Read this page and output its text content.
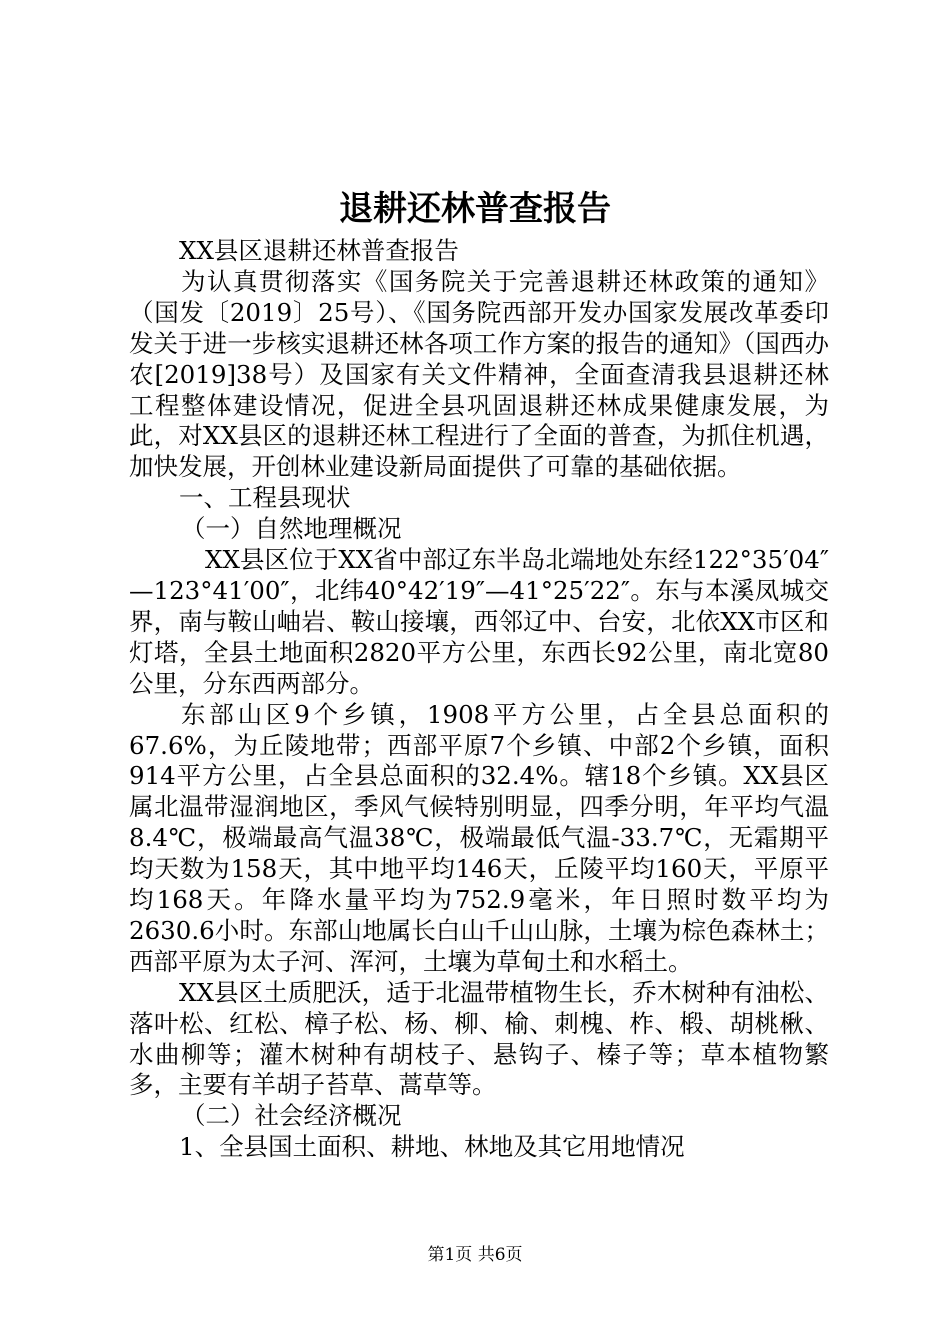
退耕还林普查报告

XX县区退耕还林普查报告

为认真贯彻落实《国务院关于完善退耕还林政策的通知》（国发〔2019〕25号）、《国务院西部开发办国家发展改革委印发关于进一步核实退耕还林各项工作方案的报告的通知》（国西办农[2019]38号）及国家有关文件精神，全面查清我县退耕还林工程整体建设情况，促进全县巩固退耕还林成果健康发展，为此，对XX县区的退耕还林工程进行了全面的普查，为抓住机遇，加快发展，开创林业建设新局面提供了可靠的基础依据。

一、工程县现状

（一）自然地理概况

XX县区位于XX省中部辽东半岛北端地处东经122°35′04″—123°41′00″，北纬40°42′19″—41°25′22″。东与本溪凤城交界，南与鞍山岫岩、鞍山接壤，西邻辽中、台安，北依XX市区和灯塔，全县土地面积2820平方公里，东西长92公里，南北宽80公里，分东西两部分。

东部山区9个乡镇，1908平方公里，占全县总面积的67.6%，为丘陵地带；西部平原7个乡镇、中部2个乡镇，面积914平方公里，占全县总面积的32.4%。辖18个乡镇。XX县区属北温带湿润地区，季风气候特别明显，四季分明，年平均气温8.4℃，极端最高气温38℃，极端最低气温-33.7℃，无霜期平均天数为158天，其中地平均146天，丘陵平均160天，平原平均168天。年降水量平均为752.9毫米，年日照时数平均为2630.6小时。东部山地属长白山千山山脉，土壤为棕色森林土；西部平原为太子河、浑河，土壤为草甸土和水稻土。

XX县区土质肥沃，适于北温带植物生长，乔木树种有油松、落叶松、红松、樟子松、杨、柳、榆、刺槐、柞、椴、胡桃楸、水曲柳等；灌木树种有胡枝子、悬钩子、榛子等；草本植物繁多，主要有羊胡子苔草、蒿草等。

（二）社会经济概况

1、全县国土面积、耕地、林地及其它用地情况

第1页 共6页
